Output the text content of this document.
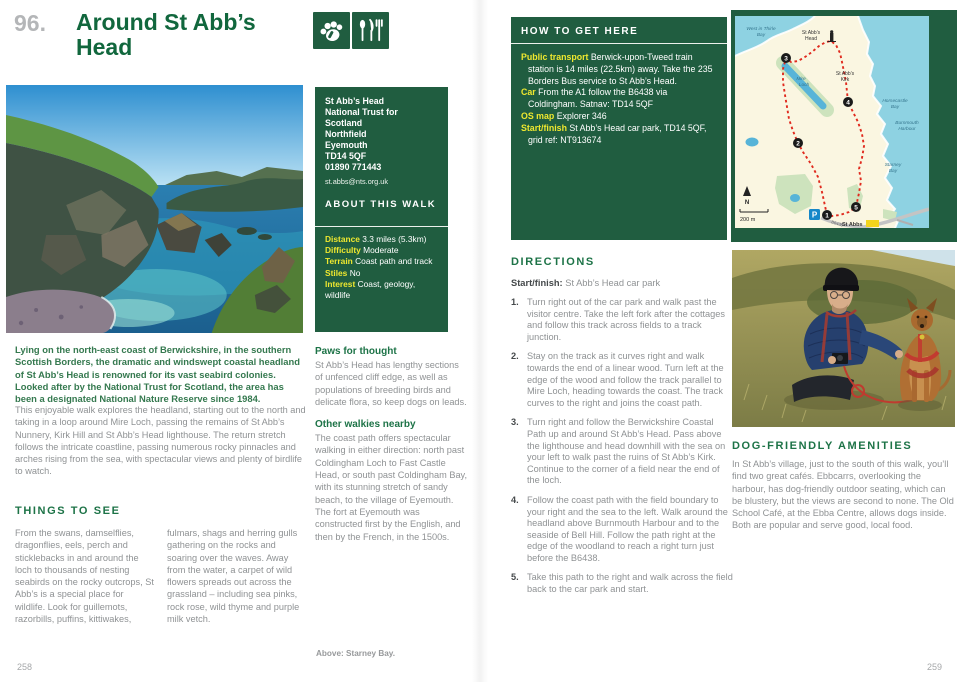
96. Around St Abb’s Head

St Abb’s Head

National Trust for

Scotland

Northfield

Eyemouth

TD14 5QF

01890 771443

st.abbs@nts.org.uk

ABOUT THIS WALK

Distance 3.3 miles (5.3km)

Difficulty Moderate

Terrain Coast path and track

Stiles No

Interest Coast, geology, wildlife

Lying on the north-east coast of Berwickshire, in the southern Scottish Borders, the dramatic and windswept coastal headland of St Abb’s Head is renowned for its vast seabird colonies. Looked after by the National Trust for Scotland, the area has been a designated National Nature Reserve since 1984.

This enjoyable walk explores the headland, starting out to the north and taking in a loop around Mire Loch, passing the remains of St Abb’s Nunnery, Kirk Hill and St Abb’s Head lighthouse. The return stretch follows the intricate coastline, passing numerous rocky pinnacles and arches rising from the sea, with spectacular views and plenty of birdlife to watch.

THINGS TO SEE

From the swans, damselflies, dragonflies, eels, perch and sticklebacks in and around the loch to thousands of nesting seabirds on the rocky outcrops, St Abb’s is a special place for wildlife. Look for guillemots, razorbills, puffins, kittiwakes,

fulmars, shags and herring gulls gathering on the rocks and soaring over the waves. Away from the water, a carpet of wild flowers spreads out across the grassland – including sea pinks, rock rose, wild thyme and purple milk vetch.

Paws for thought

St Abb’s Head has lengthy sections of unfenced cliff edge, as well as populations of breeding birds and delicate flora, so keep dogs on leads.

Other walkies nearby

The coast path offers spectacular walking in either direction: north past Coldingham Loch to Fast Castle Head, or south past Coldingham Bay, with its stunning stretch of sandy beach, to the village of Eyemouth. The fort at Eyemouth was constructed first by the English, and then by the French, in the 1500s.

Above: Starney Bay.
258
HOW TO GET HERE

Public transport Berwick-upon-Tweed train station is 14 miles (22.5km) away. Take the 235 Borders Bus service to St Abb’s Head.

Car From the A1 follow the B6438 via Coldingham. Satnav: TD14 5QF

OS map Explorer 346

Start/finish St Abb’s Head car park, TD14 5QF, grid ref: NT913674

P 1
2
3
4
5
N
200 m
St Abb’s
Head
St Abb’s
Kirk
St Abbs
West in Thirle
Bay
Mire
Loch
Horsecastle
Bay
Burnmouth
Harbour
Starney
Bay
B6438
DIRECTIONS
Start/finish: St Abb’s Head car park
1. Turn right out of the car park and walk past the visitor centre. Take the left fork after the cottages and follow this track across fields to a track junction.
2. Stay on the track as it curves right and walk towards the end of a linear wood. Turn left at the edge of the wood and follow the track parallel to Mire Loch, heading towards the coast. The track curves to the right and joins the coast path.
3. Turn right and follow the Berwickshire Coastal Path up and around St Abb’s Head. Pass above the lighthouse and head downhill with the sea on your left to walk past the ruins of St Abb’s Kirk. Continue to the corner of a field near the end of the loch.
4. Follow the coast path with the field boundary to your right and the sea to the left. Walk around the headland above Burnmouth Harbour and to the seaside of Bell Hill. Follow the path right at the edge of the woodland to reach a right turn just before the B6438.
5. Take this path to the right and walk across the field back to the car park and start.
DOG-FRIENDLY AMENITIES

In St Abb’s village, just to the south of this walk, you’ll find two great cafés. Ebbcarrs, overlooking the harbour, has dog-friendly outdoor seating, which can be blustery, but the views are second to none. The Old School Café, at the Ebba Centre, allows dogs inside. Both are popular and serve good, local food.

259
